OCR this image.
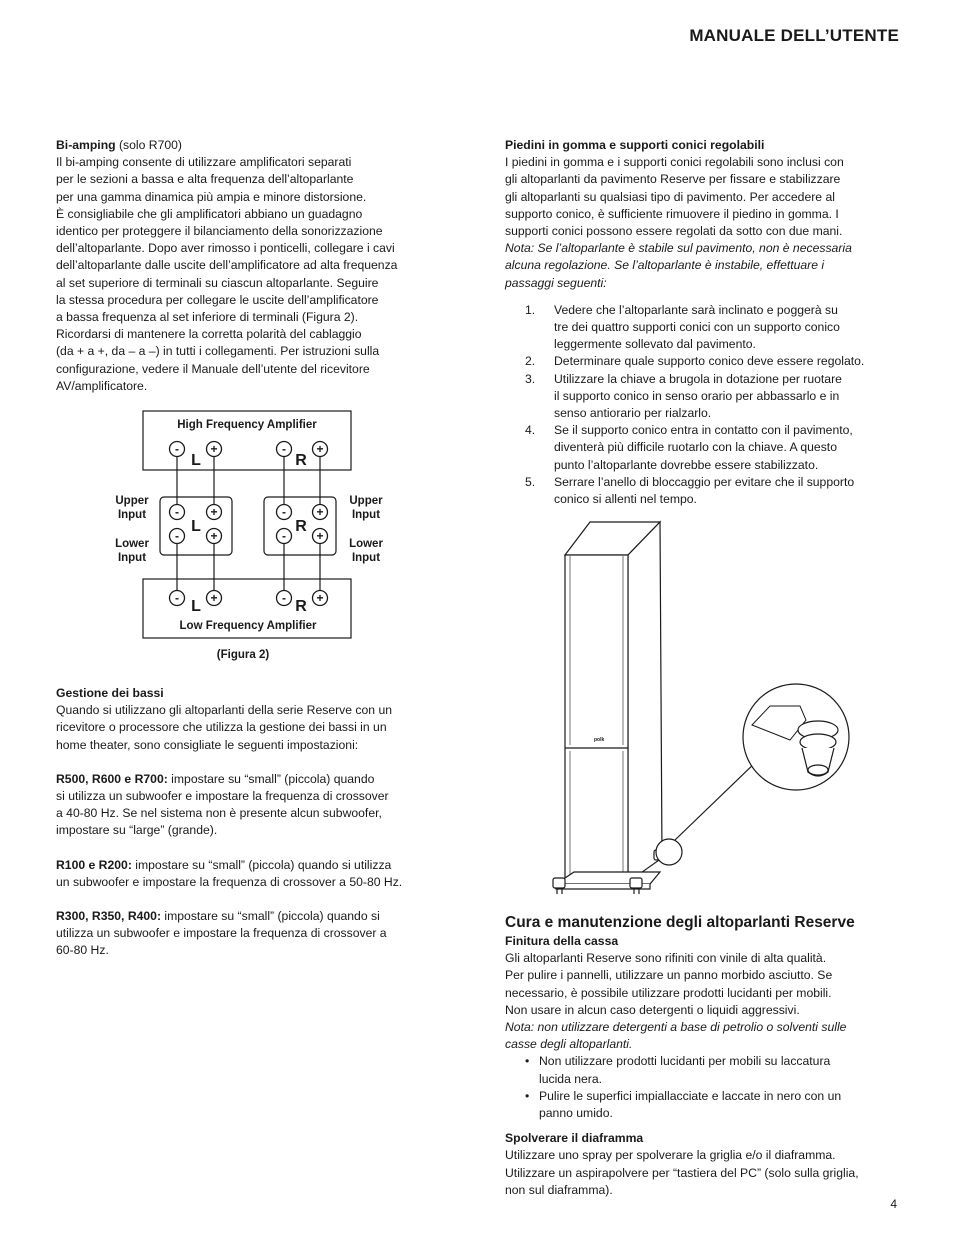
MANUALE DELL’UTENTE

Bi-amping (solo R700)

Il bi-amping consente di utilizzare amplificatori separati

per le sezioni a bassa e alta frequenza dell’altoparlante

per una gamma dinamica più ampia e minore distorsione.

È consigliabile che gli amplificatori abbiano un guadagno

identico per proteggere il bilanciamento della sonorizzazione

dell’altoparlante. Dopo aver rimosso i ponticelli, collegare i cavi

dell’altoparlante dalle uscite dell’amplificatore ad alta frequenza

al set superiore di terminali su ciascun altoparlante. Seguire

la stessa procedura per collegare le uscite dell’amplificatore

a bassa frequenza al set inferiore di terminali (Figura 2).

Ricordarsi di mantenere la corretta polarità del cablaggio

(da + a +, da – a –) in tutti i collegamenti. Per istruzioni sulla

configurazione, vedere il Manuale dell’utente del ricevitore

AV/amplificatore.

-	+	-	+
-	+	-	+
-	+	-	+
-	+	-	+
L	R
L	R
L	R
High Frequency Amplifier
Low Frequency Amplifier
Upper
Input
Lower
Input
Upper
Input
Lower
Input
(Figura 2)

Gestione dei bassi

Quando si utilizzano gli altoparlanti della serie Reserve con un

ricevitore o processore che utilizza la gestione dei bassi in un

home theater, sono consigliate le seguenti impostazioni:

R500, R600 e R700: impostare su “small” (piccola) quando

si utilizza un subwoofer e impostare la frequenza di crossover

a 40-80 Hz. Se nel sistema non è presente alcun subwoofer,

impostare su “large” (grande).

R100 e R200: impostare su “small” (piccola) quando si utilizza

un subwoofer e impostare la frequenza di crossover a 50-80 Hz.

R300, R350, R400: impostare su “small” (piccola) quando si

utilizza un subwoofer e impostare la frequenza di crossover a

60-80 Hz.

Piedini in gomma e supporti conici regolabili

I piedini in gomma e i supporti conici regolabili sono inclusi con

gli altoparlanti da pavimento Reserve per fissare e stabilizzare

gli altoparlanti su qualsiasi tipo di pavimento. Per accedere al

supporto conico, è sufficiente rimuovere il piedino in gomma. I

supporti conici possono essere regolati da sotto con due mani.

Nota: Se l’altoparlante è stabile sul pavimento, non è necessaria

alcuna regolazione. Se l’altoparlante è instabile, effettuare i

passaggi seguenti:

1.	Vedere che l’altoparlante sarà inclinato e poggerà su
tre dei quattro supporti conici con un supporto conico
leggermente sollevato dal pavimento.
2.	Determinare quale supporto conico deve essere regolato.
3.	Utilizzare la chiave a brugola in dotazione per ruotare
il supporto conico in senso orario per abbassarlo e in
senso antiorario per rialzarlo.
4.	Se il supporto conico entra in contatto con il pavimento,
diventerà più difficile ruotarlo con la chiave. A questo
punto l’altoparlante dovrebbe essere stabilizzato.
5.	Serrare l’anello di bloccaggio per evitare che il supporto
conico si allenti nel tempo.
polk

Cura e manutenzione degli altoparlanti Reserve

Finitura della cassa

Gli altoparlanti Reserve sono rifiniti con vinile di alta qualità.

Per pulire i pannelli, utilizzare un panno morbido asciutto. Se

necessario, è possibile utilizzare prodotti lucidanti per mobili.

Non usare in alcun caso detergenti o liquidi aggressivi.

Nota: non utilizzare detergenti a base di petrolio o solventi sulle

casse degli altoparlanti.

• Non utilizzare prodotti lucidanti per mobili su laccatura
lucida nera.
• Pulire le superfici impiallacciate e laccate in nero con un
panno umido.

Spolverare il diaframma

Utilizzare uno spray per spolverare la griglia e/o il diaframma.

Utilizzare un aspirapolvere per “tastiera del PC” (solo sulla griglia,

non sul diaframma).

4
